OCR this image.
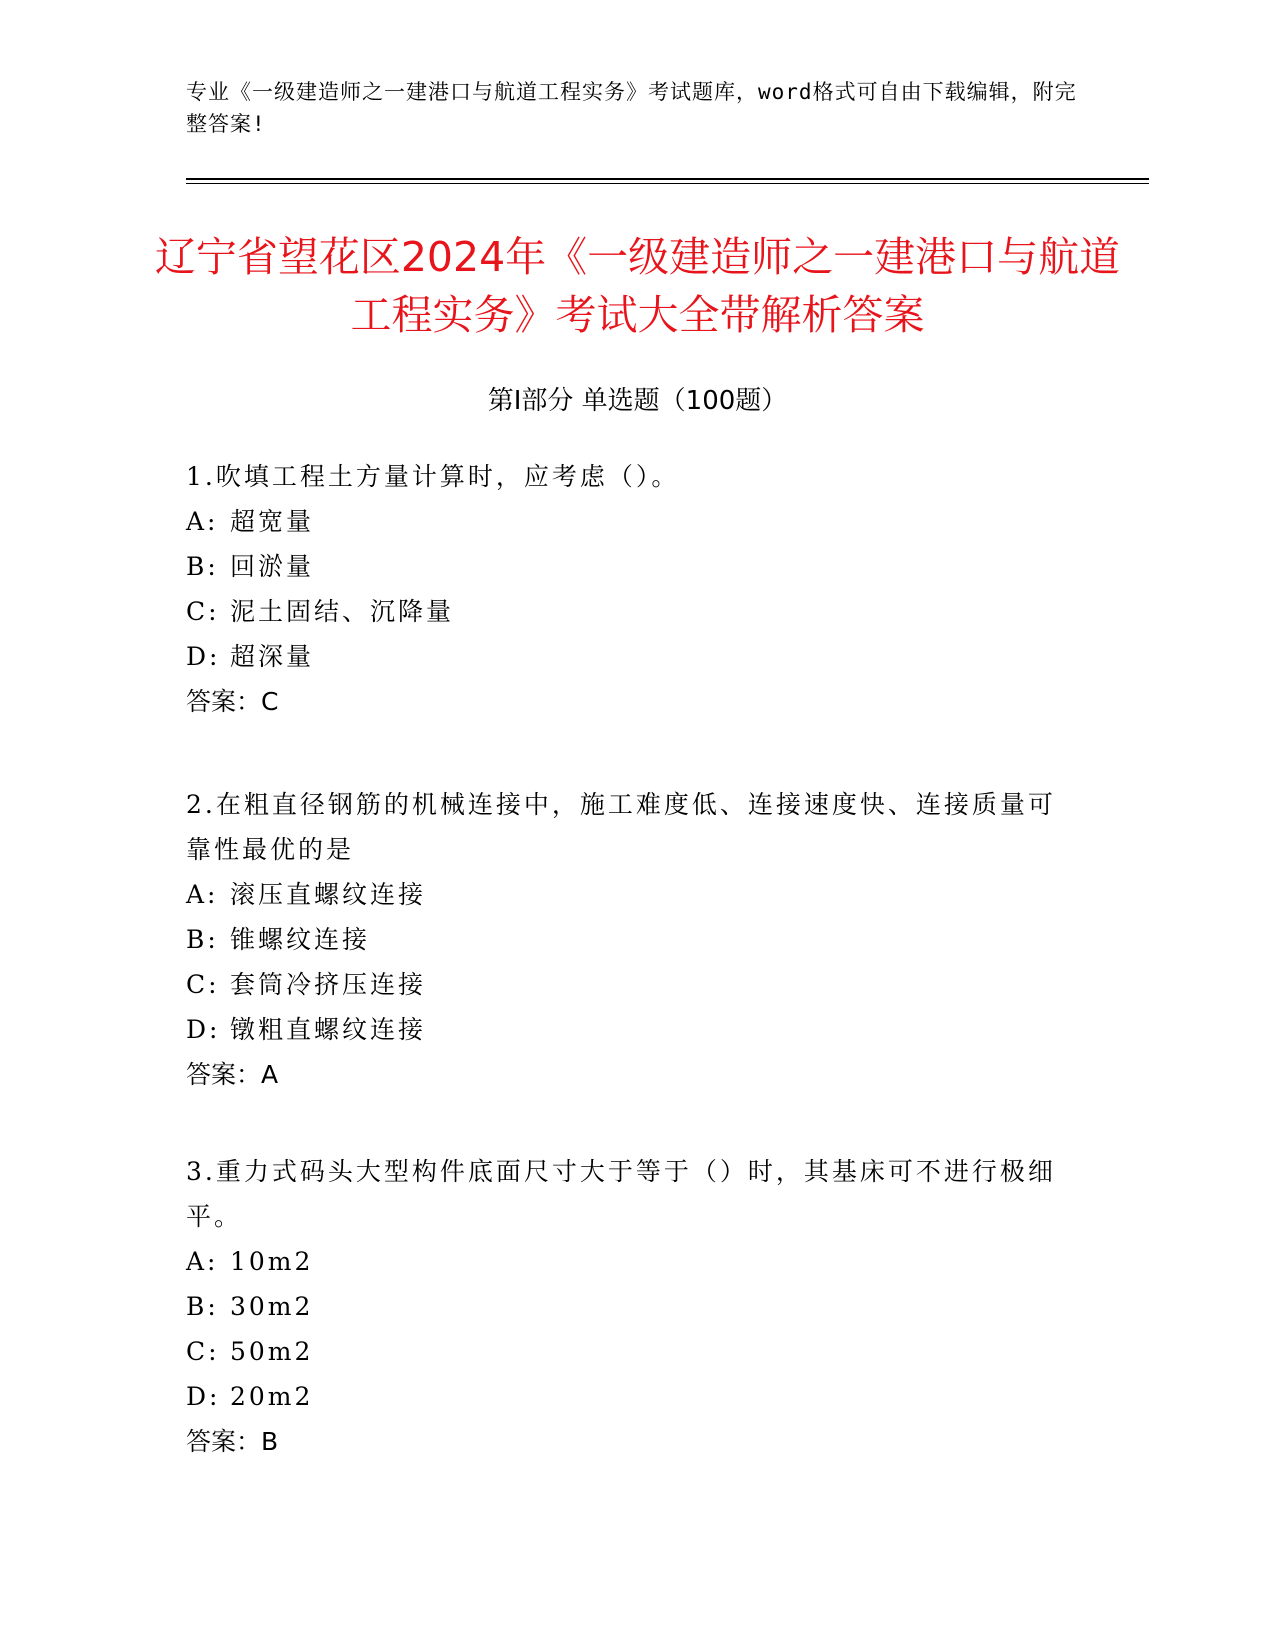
专业《一级建造师之一建港口与航道工程实务》考试题库，word格式可自由下载编辑，附完整答案!
辽宁省望花区2024年《一级建造师之一建港口与航道工程实务》考试大全带解析答案
第Ⅰ部分 单选题（100题）
1.吹填工程土方量计算时，应考虑（）。
A: 超宽量
B: 回淤量
C: 泥土固结、沉降量
D: 超深量
答案：C
2.在粗直径钢筋的机械连接中，施工难度低、连接速度快、连接质量可靠性最优的是
A: 滚压直螺纹连接
B: 锥螺纹连接
C: 套筒冷挤压连接
D: 镦粗直螺纹连接
答案：A
3.重力式码头大型构件底面尺寸大于等于（）时，其基床可不进行极细平。
A: 10m2
B: 30m2
C: 50m2
D: 20m2
答案：B
